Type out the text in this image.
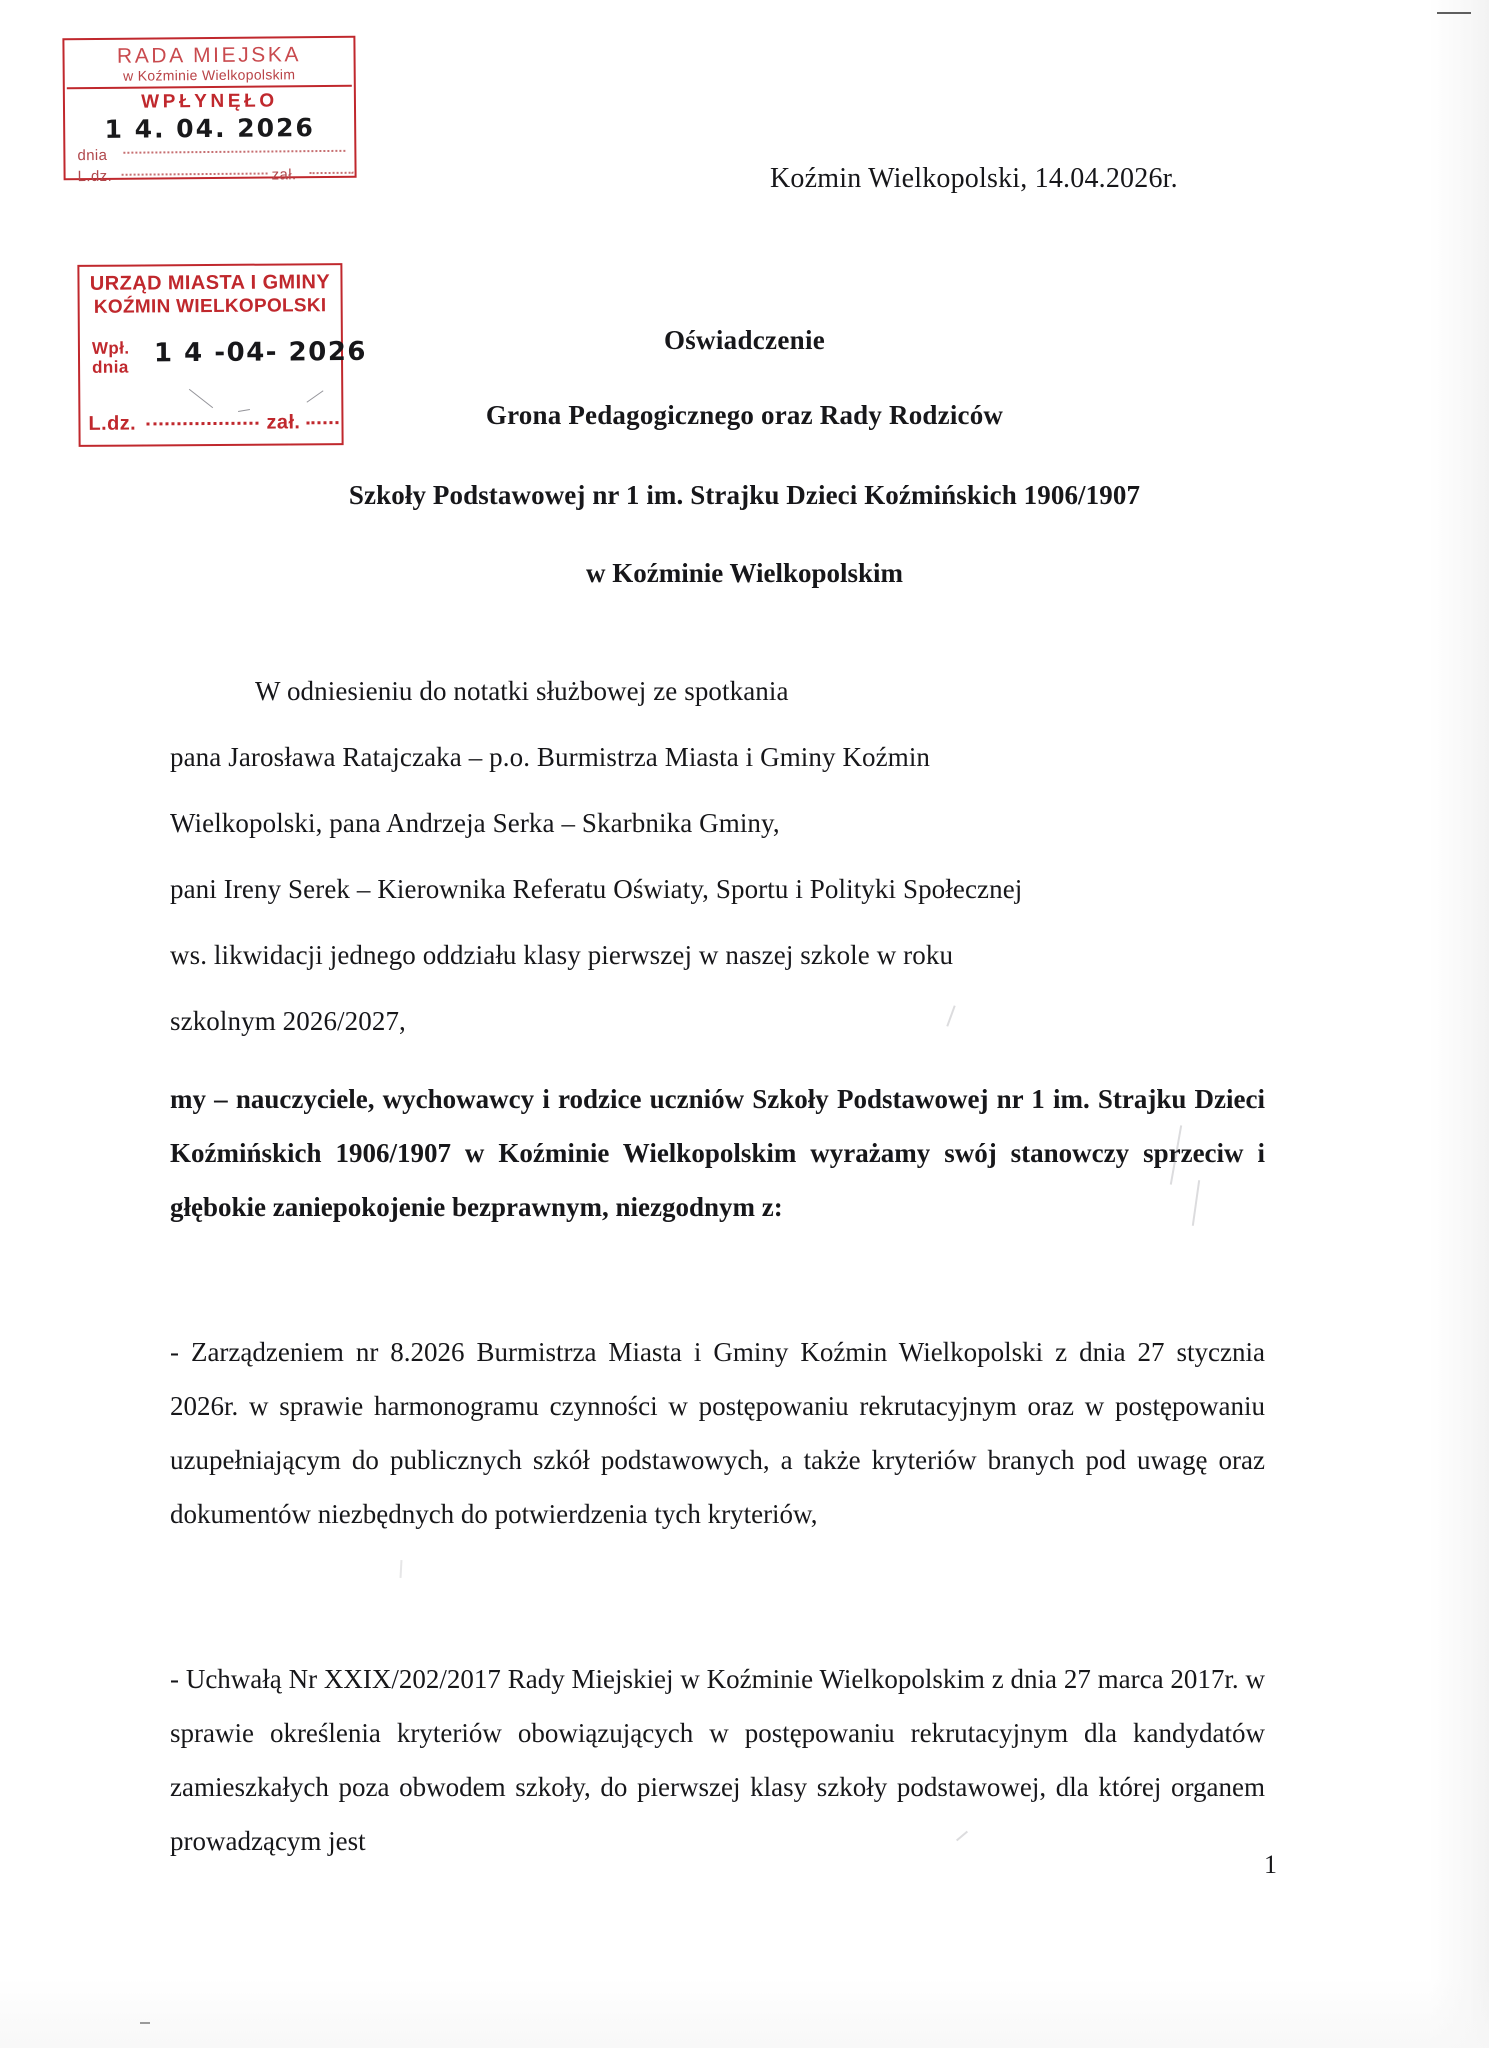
RADA MIEJSKA
w Koźminie Wielkopolskim
WPŁYNĘŁO
1 4. 04. 2026
dnia
L.dz.	zał.
URZĄD MIASTA I GMINY
KOŹMIN WIELKOPOLSKI
Wpł.
dnia 1 4 -04- 2026
L.dz.	zał.
Koźmin Wielkopolski, 14.04.2026r.
Oświadczenie
Grona Pedagogicznego oraz Rady Rodziców
Szkoły Podstawowej nr 1 im. Strajku Dzieci Koźmińskich 1906/1907
w Koźminie Wielkopolskim
W odniesieniu do notatki służbowej ze spotkania
pana Jarosława Ratajczaka – p.o. Burmistrza Miasta i Gminy Koźmin
Wielkopolski, pana Andrzeja Serka – Skarbnika Gminy,
pani Ireny Serek – Kierownika Referatu Oświaty, Sportu i Polityki Społecznej
ws. likwidacji jednego oddziału klasy pierwszej w naszej szkole w roku
szkolnym 2026/2027,
my – nauczyciele, wychowawcy i rodzice uczniów Szkoły Podstawowej nr 1 im. Strajku Dzieci Koźmińskich 1906/1907 w Koźminie Wielkopolskim wyrażamy swój stanowczy sprzeciw i głębokie zaniepokojenie bezprawnym, niezgodnym z:
- Zarządzeniem nr 8.2026 Burmistrza Miasta i Gminy Koźmin Wielkopolski z dnia 27 stycznia 2026r. w sprawie harmonogramu czynności w postępowaniu rekrutacyjnym oraz w postępowaniu uzupełniającym do publicznych szkół podstawowych, a także kryteriów branych pod uwagę oraz dokumentów niezbędnych do potwierdzenia tych kryteriów,
- Uchwałą Nr XXIX/202/2017 Rady Miejskiej w Koźminie Wielkopolskim z dnia 27 marca 2017r. w sprawie określenia kryteriów obowiązujących w postępowaniu rekrutacyjnym dla kandydatów zamieszkałych poza obwodem szkoły, do pierwszej klasy szkoły podstawowej, dla której organem prowadzącym jest
1
